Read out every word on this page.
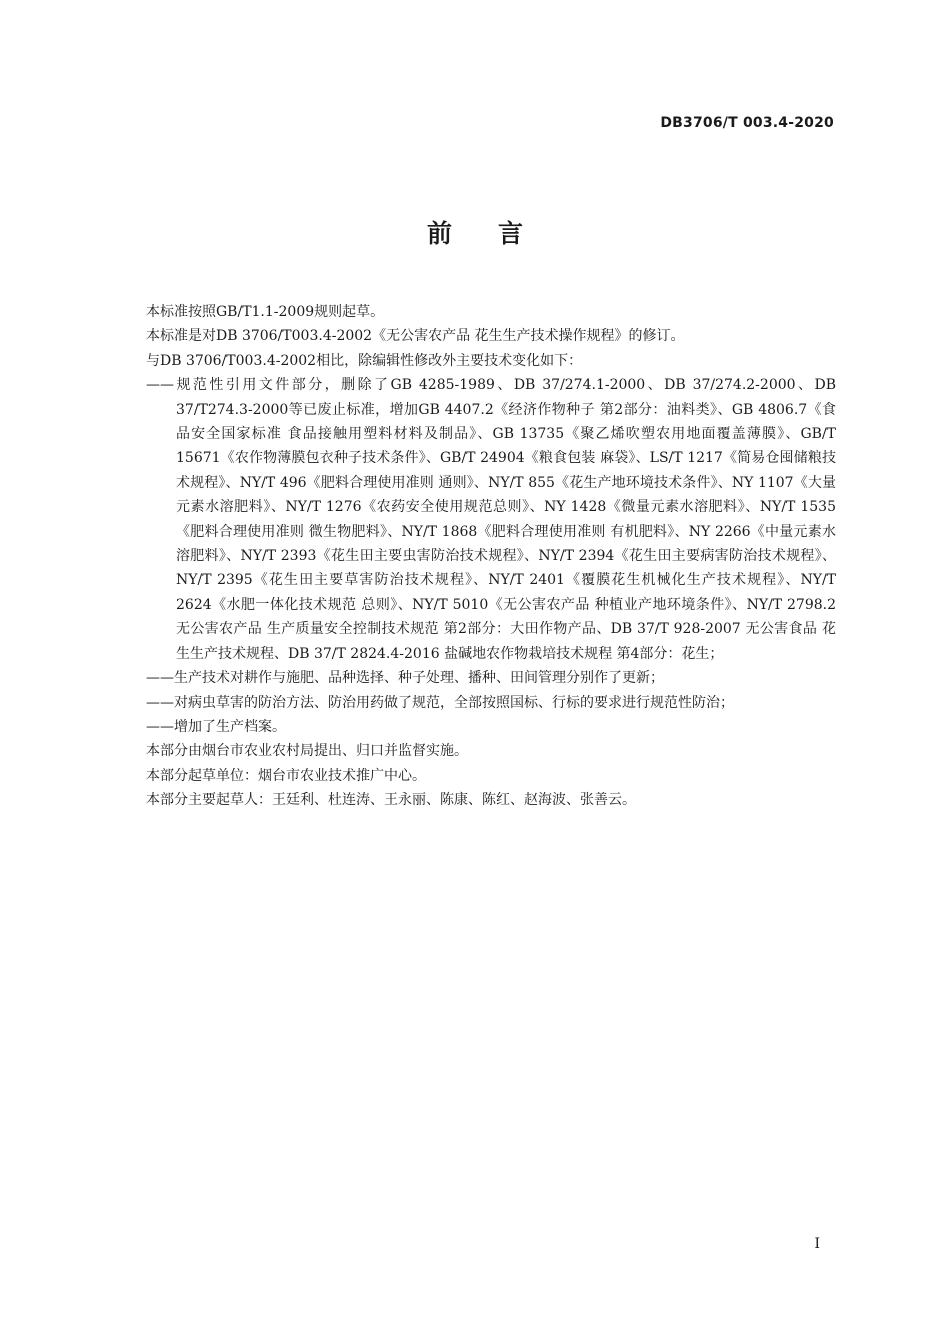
DB3706/T 003.4-2020
前言

本标准按照GB/T1.1-2009规则起草。

本标准是对DB 3706/T003.4-2002《无公害农产品 花生生产技术操作规程》的修订。

与DB 3706/T003.4-2002相比，除编辑性修改外主要技术变化如下：

——规范性引用文件部分，删除了GB 4285-1989、DB 37/274.1-2000、DB 37/274.2-2000、DB 37/T274.3-2000等已废止标准，增加GB 4407.2《经济作物种子 第2部分：油料类》、GB 4806.7《食品安全国家标准 食品接触用塑料材料及制品》、GB 13735《聚乙烯吹塑农用地面覆盖薄膜》、GB/T 15671《农作物薄膜包衣种子技术条件》、GB/T 24904《粮食包装 麻袋》、LS/T 1217《简易仓囤储粮技术规程》、NY/T 496《肥料合理使用准则 通则》、NY/T 855《花生产地环境技术条件》、NY 1107《大量元素水溶肥料》、NY/T 1276《农药安全使用规范总则》、NY 1428《微量元素水溶肥料》、NY/T 1535《肥料合理使用准则 微生物肥料》、NY/T 1868《肥料合理使用准则 有机肥料》、NY 2266《中量元素水溶肥料》、NY/T 2393《花生田主要虫害防治技术规程》、NY/T 2394《花生田主要病害防治技术规程》、NY/T 2395《花生田主要草害防治技术规程》、NY/T 2401《覆膜花生机械化生产技术规程》、NY/T 2624《水肥一体化技术规范 总则》、NY/T 5010《无公害农产品 种植业产地环境条件》、NY/T 2798.2 无公害农产品 生产质量安全控制技术规范 第2部分：大田作物产品、DB 37/T 928-2007 无公害食品 花生生产技术规程、DB 37/T 2824.4-2016 盐碱地农作物栽培技术规程 第4部分：花生；

——生产技术对耕作与施肥、品种选择、种子处理、播种、田间管理分别作了更新；

——对病虫草害的防治方法、防治用药做了规范，全部按照国标、行标的要求进行规范性防治；

——增加了生产档案。

本部分由烟台市农业农村局提出、归口并监督实施。

本部分起草单位：烟台市农业技术推广中心。

本部分主要起草人：王廷利、杜连涛、王永丽、陈康、陈红、赵海波、张善云。

I
